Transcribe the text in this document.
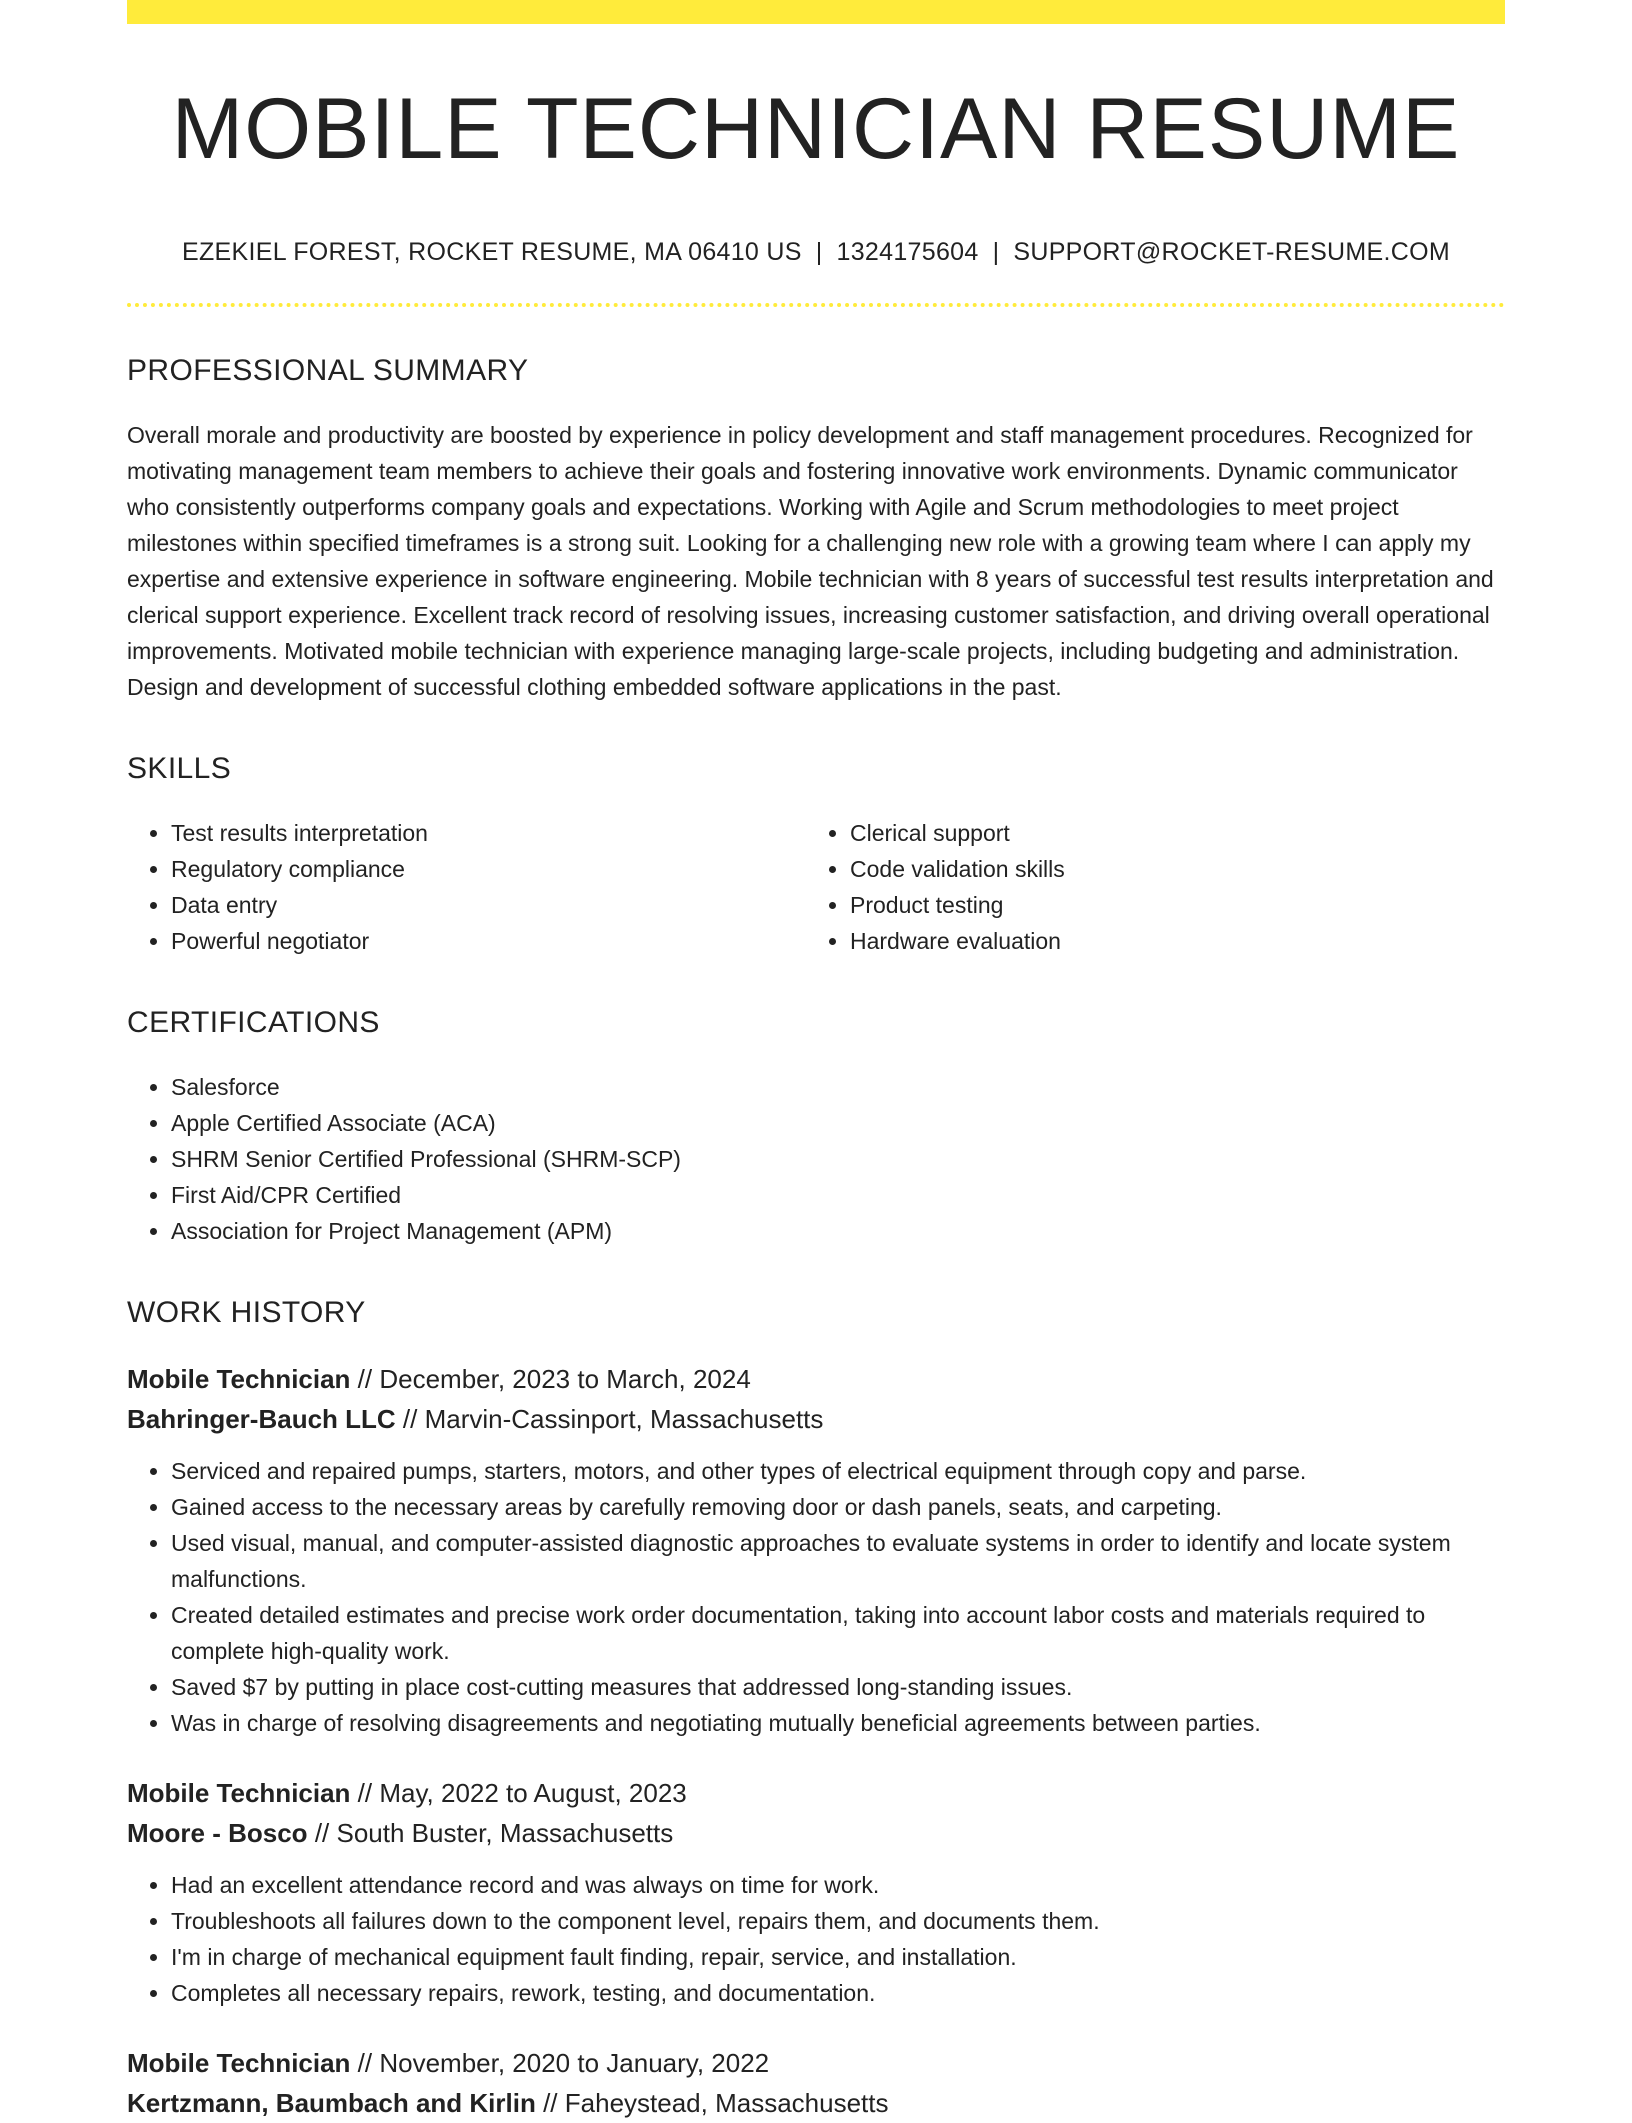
MOBILE TECHNICIAN RESUME
EZEKIEL FOREST, ROCKET RESUME, MA 06410 US | 1324175604 | SUPPORT@ROCKET-RESUME.COM
PROFESSIONAL SUMMARY

Overall morale and productivity are boosted by experience in policy development and staff management procedures. Recognized for motivating management team members to achieve their goals and fostering innovative work environments. Dynamic communicator who consistently outperforms company goals and expectations. Working with Agile and Scrum methodologies to meet project milestones within specified timeframes is a strong suit. Looking for a challenging new role with a growing team where I can apply my expertise and extensive experience in software engineering. Mobile technician with 8 years of successful test results interpretation and clerical support experience. Excellent track record of resolving issues, increasing customer satisfaction, and driving overall operational improvements. Motivated mobile technician with experience managing large-scale projects, including budgeting and administration. Design and development of successful clothing embedded software applications in the past.

SKILLS
• Test results interpretation
• Regulatory compliance
• Data entry
• Powerful negotiator
• Clerical support
• Code validation skills
• Product testing
• Hardware evaluation
CERTIFICATIONS
• Salesforce
• Apple Certified Associate (ACA)
• SHRM Senior Certified Professional (SHRM-SCP)
• First Aid/CPR Certified
• Association for Project Management (APM)
WORK HISTORY
Mobile Technician // December, 2023 to March, 2024
Bahringer-Bauch LLC // Marvin-Cassinport, Massachusetts
• Serviced and repaired pumps, starters, motors, and other types of electrical equipment through copy and parse.
• Gained access to the necessary areas by carefully removing door or dash panels, seats, and carpeting.
• Used visual, manual, and computer-assisted diagnostic approaches to evaluate systems in order to identify and locate system malfunctions.
• Created detailed estimates and precise work order documentation, taking into account labor costs and materials required to complete high-quality work.
• Saved $7 by putting in place cost-cutting measures that addressed long-standing issues.
• Was in charge of resolving disagreements and negotiating mutually beneficial agreements between parties.
Mobile Technician // May, 2022 to August, 2023
Moore - Bosco // South Buster, Massachusetts
• Had an excellent attendance record and was always on time for work.
• Troubleshoots all failures down to the component level, repairs them, and documents them.
• I'm in charge of mechanical equipment fault finding, repair, service, and installation.
• Completes all necessary repairs, rework, testing, and documentation.
Mobile Technician // November, 2020 to January, 2022
Kertzmann, Baumbach and Kirlin // Faheystead, Massachusetts
